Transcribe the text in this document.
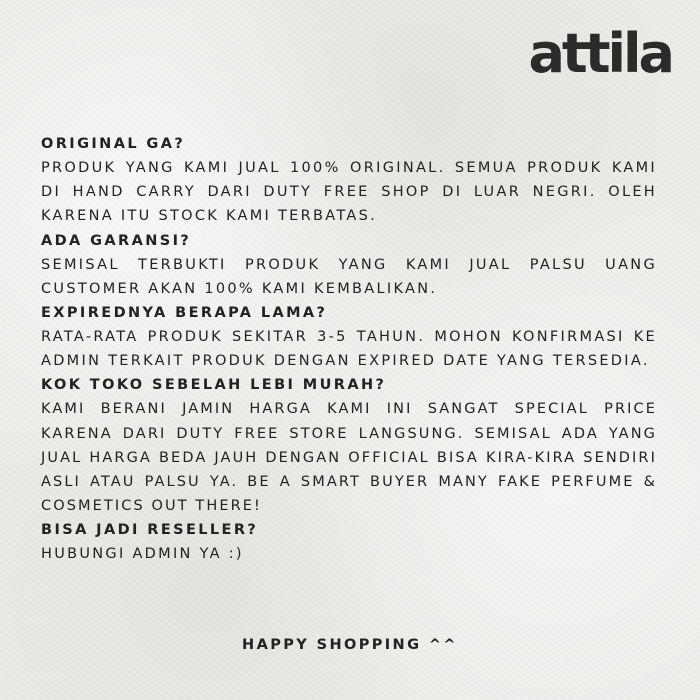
attila

ORIGINAL GA?

PRODUK YANG KAMI JUAL 100% ORIGINAL. SEMUA PRODUK KAMI DI HAND CARRY DARI DUTY FREE SHOP DI LUAR NEGRI. OLEH KARENA ITU STOCK KAMI TERBATAS.

ADA GARANSI?

SEMISAL TERBUKTI PRODUK YANG KAMI JUAL PALSU UANG CUSTOMER AKAN 100% KAMI KEMBALIKAN.

EXPIREDNYA BERAPA LAMA?

RATA-RATA PRODUK SEKITAR 3-5 TAHUN. MOHON KONFIRMASI KE ADMIN TERKAIT PRODUK DENGAN EXPIRED DATE YANG TERSEDIA.

KOK TOKO SEBELAH LEBI MURAH?

KAMI BERANI JAMIN HARGA KAMI INI SANGAT SPECIAL PRICE KARENA DARI DUTY FREE STORE LANGSUNG. SEMISAL ADA YANG JUAL HARGA BEDA JAUH DENGAN OFFICIAL BISA KIRA-KIRA SENDIRI ASLI ATAU PALSU YA. BE A SMART BUYER MANY FAKE PERFUME & COSMETICS OUT THERE!

BISA JADI RESELLER?

HUBUNGI ADMIN YA :)

HAPPY SHOPPING ^^
